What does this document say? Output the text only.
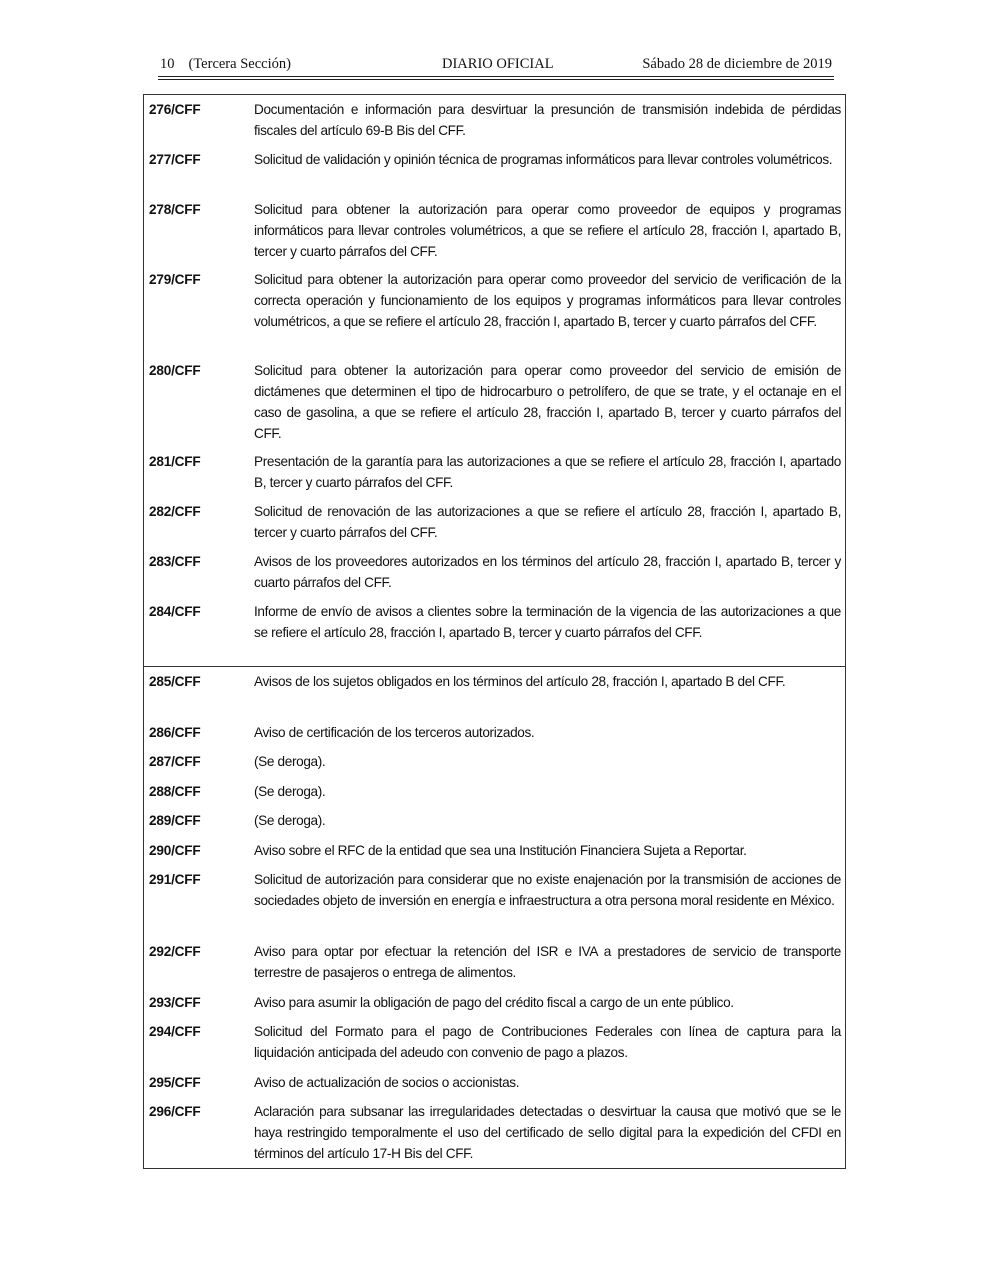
10 (Tercera Sección)	DIARIO OFICIAL	Sábado 28 de diciembre de 2019
276/CFF	Documentación e información para desvirtuar la presunción de transmisión indebida de pérdidas fiscales del artículo 69-B Bis del CFF.
277/CFF	Solicitud de validación y opinión técnica de programas informáticos para llevar controles volumétricos.
278/CFF	Solicitud para obtener la autorización para operar como proveedor de equipos y programas informáticos para llevar controles volumétricos, a que se refiere el artículo 28, fracción I, apartado B, tercer y cuarto párrafos del CFF.
279/CFF	Solicitud para obtener la autorización para operar como proveedor del servicio de verificación de la correcta operación y funcionamiento de los equipos y programas informáticos para llevar controles volumétricos, a que se refiere el artículo 28, fracción I, apartado B, tercer y cuarto párrafos del CFF.
280/CFF	Solicitud para obtener la autorización para operar como proveedor del servicio de emisión de dictámenes que determinen el tipo de hidrocarburo o petrolífero, de que se trate, y el octanaje en el caso de gasolina, a que se refiere el artículo 28, fracción I, apartado B, tercer y cuarto párrafos del CFF.
281/CFF	Presentación de la garantía para las autorizaciones a que se refiere el artículo 28, fracción I, apartado B, tercer y cuarto párrafos del CFF.
282/CFF	Solicitud de renovación de las autorizaciones a que se refiere el artículo 28, fracción I, apartado B, tercer y cuarto párrafos del CFF.
283/CFF	Avisos de los proveedores autorizados en los términos del artículo 28, fracción I, apartado B, tercer y cuarto párrafos del CFF.
284/CFF	Informe de envío de avisos a clientes sobre la terminación de la vigencia de las autorizaciones a que se refiere el artículo 28, fracción I, apartado B, tercer y cuarto párrafos del CFF.
285/CFF	Avisos de los sujetos obligados en los términos del artículo 28, fracción I, apartado B del CFF.
286/CFF	Aviso de certificación de los terceros autorizados.
287/CFF	(Se deroga).
288/CFF	(Se deroga).
289/CFF	(Se deroga).
290/CFF	Aviso sobre el RFC de la entidad que sea una Institución Financiera Sujeta a Reportar.
291/CFF	Solicitud de autorización para considerar que no existe enajenación por la transmisión de acciones de sociedades objeto de inversión en energía e infraestructura a otra persona moral residente en México.
292/CFF	Aviso para optar por efectuar la retención del ISR e IVA a prestadores de servicio de transporte terrestre de pasajeros o entrega de alimentos.
293/CFF	Aviso para asumir la obligación de pago del crédito fiscal a cargo de un ente público.
294/CFF	Solicitud del Formato para el pago de Contribuciones Federales con línea de captura para la liquidación anticipada del adeudo con convenio de pago a plazos.
295/CFF	Aviso de actualización de socios o accionistas.
296/CFF	Aclaración para subsanar las irregularidades detectadas o desvirtuar la causa que motivó que se le haya restringido temporalmente el uso del certificado de sello digital para la expedición del CFDI en términos del artículo 17-H Bis del CFF.
